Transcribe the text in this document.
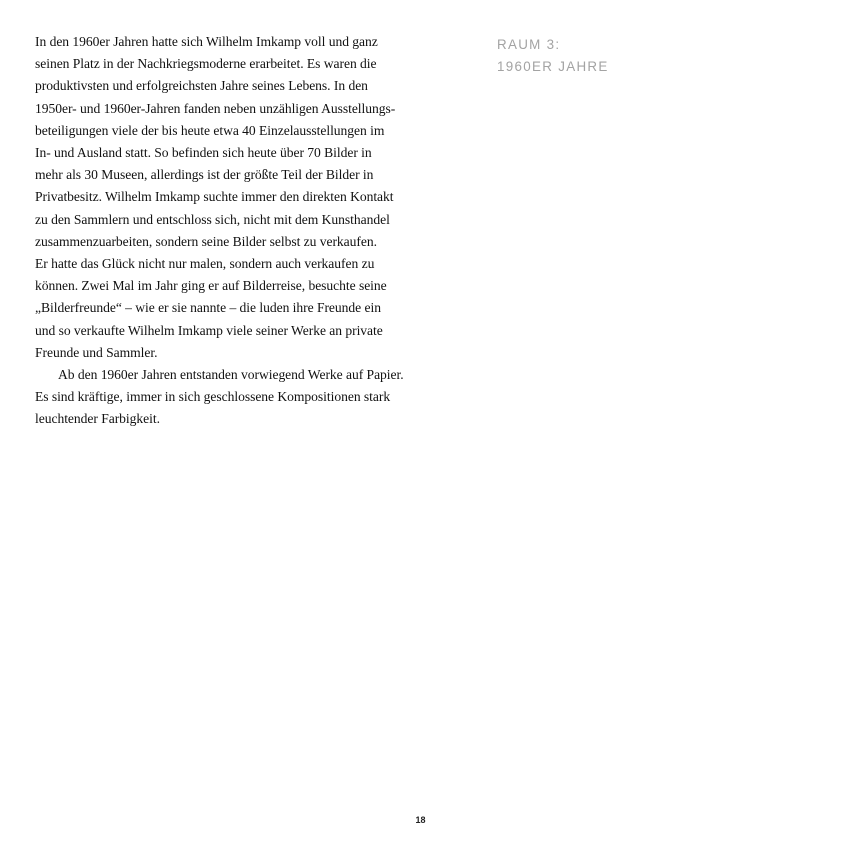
In den 1960er Jahren hatte sich Wilhelm Imkamp voll und ganz
seinen Platz in der Nachkriegsmoderne erarbeitet. Es waren die
produktivsten und erfolgreichsten Jahre seines Lebens. In den
1950er- und 1960er-Jahren fanden neben unzähligen Ausstellungs-
beteiligungen viele der bis heute etwa 40 Einzelausstellungen im
In- und Ausland statt. So befinden sich heute über 70 Bilder in
mehr als 30 Museen, allerdings ist der größte Teil der Bilder in
Privatbesitz. Wilhelm Imkamp suchte immer den direkten Kontakt
zu den Sammlern und entschloss sich, nicht mit dem Kunsthandel
zusammenzuarbeiten, sondern seine Bilder selbst zu verkaufen.
Er hatte das Glück nicht nur malen, sondern auch verkaufen zu
können. Zwei Mal im Jahr ging er auf Bilderreise, besuchte seine
„Bilderfreunde“ – wie er sie nannte – die luden ihre Freunde ein
und so verkaufte Wilhelm Imkamp viele seiner Werke an private
Freunde und Sammler.
Ab den 1960er Jahren entstanden vorwiegend Werke auf Papier.
Es sind kräftige, immer in sich geschlossene Kompositionen stark
leuchtender Farbigkeit.
RAUM 3:
1960ER JAHRE
18
